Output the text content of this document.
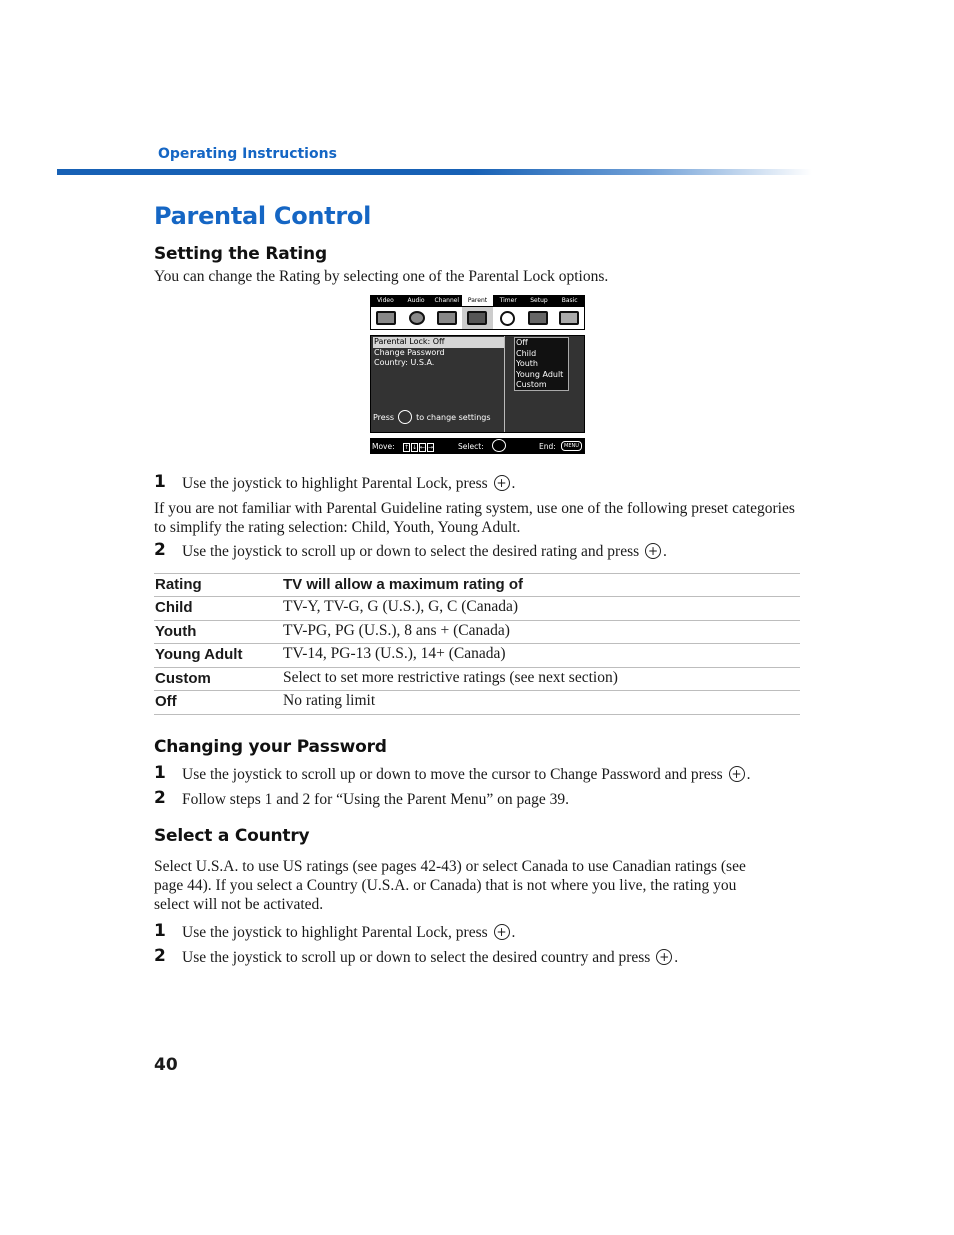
Operating Instructions
Parental Control
Setting the Rating
You can change the Rating by selecting one of the Parental Lock options.
Video	Audio	Channel	Parent	Timer	Setup	Basic
Parental Lock: Off
Change Password
Country: U.S.A.
Off
Child
Youth
Young Adult
Custom
Press	to change settings
Move: ↑ ↓ ← →	Select:	End:	MENU
1 Use the joystick to highlight Parental Lock, press + .
If you are not familiar with Parental Guideline rating system, use one of the following preset categories to simplify the rating selection: Child, Youth, Young Adult.
2 Use the joystick to scroll up or down to select the desired rating and press + .
Rating	TV will allow a maximum rating of
Child	TV-Y, TV-G, G (U.S.), G, C (Canada)
Youth	TV-PG, PG (U.S.), 8 ans + (Canada)
Young Adult	TV-14, PG-13 (U.S.), 14+ (Canada)
Custom	Select to set more restrictive ratings (see next section)
Off	No rating limit
Changing your Password
1 Use the joystick to scroll up or down to move the cursor to Change Password and press + .
2 Follow steps 1 and 2 for “Using the Parent Menu” on page 39.
Select a Country
Select U.S.A. to use US ratings (see pages 42-43) or select Canada to use Canadian ratings (see
page 44). If you select a Country (U.S.A. or Canada) that is not where you live, the rating you
select will not be activated.
1 Use the joystick to highlight Parental Lock, press + .
2 Use the joystick to scroll up or down to select the desired country and press + .
40
